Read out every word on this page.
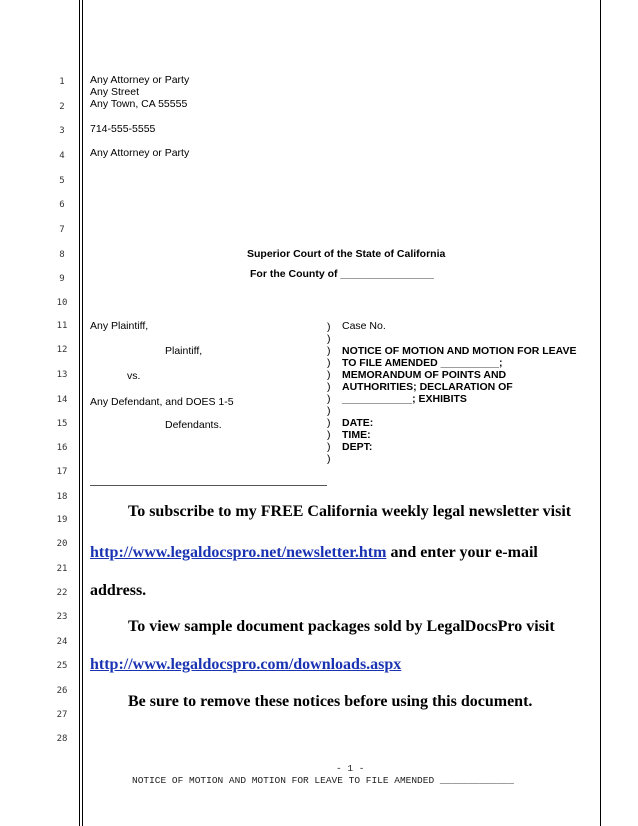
1
2
3
4
5
6
7
8
9
10
11
12
13
14
15
16
17
18
19
20
21
22
23
24
25
26
27
28
Any Attorney or Party
Any Street
Any Town, CA 55555
714-555-5555
Any Attorney or Party
Superior Court of the State of California
For the County of ________________
Any Plaintiff,
Plaintiff,
vs.
Any Defendant, and DOES 1-5
Defendants.
)
)
)
)
)
)
)
)
)
)
)
)
Case No.
NOTICE OF MOTION AND MOTION FOR LEAVE
TO FILE AMENDED __________;
MEMORANDUM OF POINTS AND
AUTHORITIES; DECLARATION OF
____________; EXHIBITS
DATE:
TIME:
DEPT:
To subscribe to my FREE California weekly legal newsletter visit
http://www.legaldocspro.net/newsletter.htm and enter your e-mail
address.
To view sample document packages sold by LegalDocsPro visit
http://www.legaldocspro.com/downloads.aspx
Be sure to remove these notices before using this document.
- 1 -
NOTICE OF MOTION AND MOTION FOR LEAVE TO FILE AMENDED _____________
